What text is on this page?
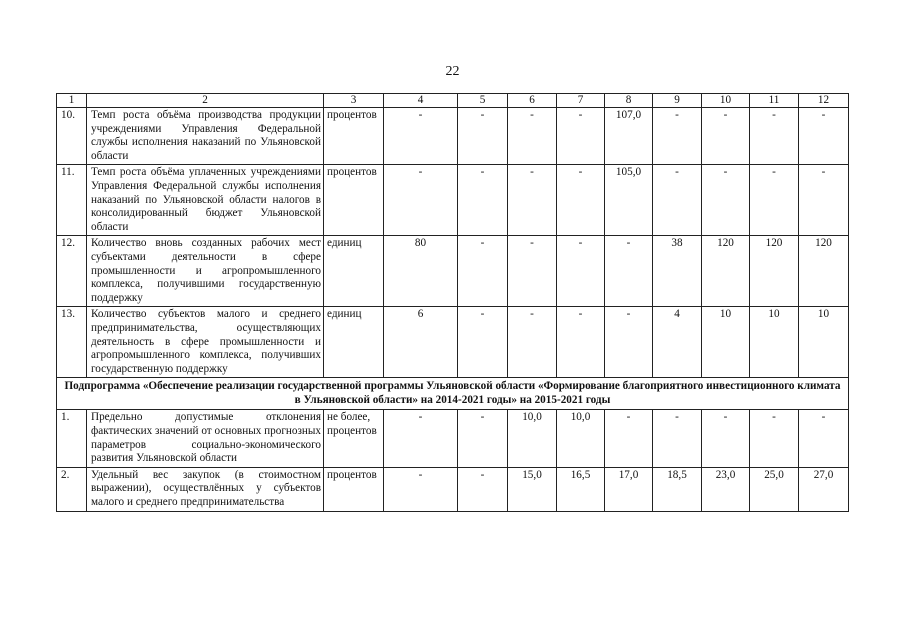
22
1	2	3	4	5	6	7	8	9	10	11	12
10.	Темп роста объёма производства продукции учреждениями Управления Федеральной службы исполнения наказаний по Ульяновской области	процентов	-	-	-	-	107,0	-	-	-	-
11.	Темп роста объёма уплаченных учреждениями Управления Федеральной службы исполнения наказаний по Ульяновской области налогов в консолидированный бюджет Ульяновской области	процентов	-	-	-	-	105,0	-	-	-	-
12.	Количество вновь созданных рабочих мест субъектами деятельности в сфере промышленности и агропромышленного комплекса, получившими государственную поддержку	единиц	80	-	-	-	-	38	120	120	120
13.	Количество субъектов малого и среднего предпринимательства, осуществляющих деятельность в сфере промышленности и агропромышленного комплекса, получивших государственную поддержку	единиц	6	-	-	-	-	4	10	10	10
Подпрограмма «Обеспечение реализации государственной программы Ульяновской области «Формирование благоприятного инвестиционного климата в Ульяновской области» на 2014-2021 годы» на 2015-2021 годы											
1.	Предельно допустимые отклонения фактических значений от основных прогнозных параметров социально-экономического развития Ульяновской области	не более, процентов	-	-	10,0	10,0	-	-	-	-	-
2.	Удельный вес закупок (в стоимостном выражении), осуществлённых у субъектов малого и среднего предпринимательства	процентов	-	-	15,0	16,5	17,0	18,5	23,0	25,0	27,0
